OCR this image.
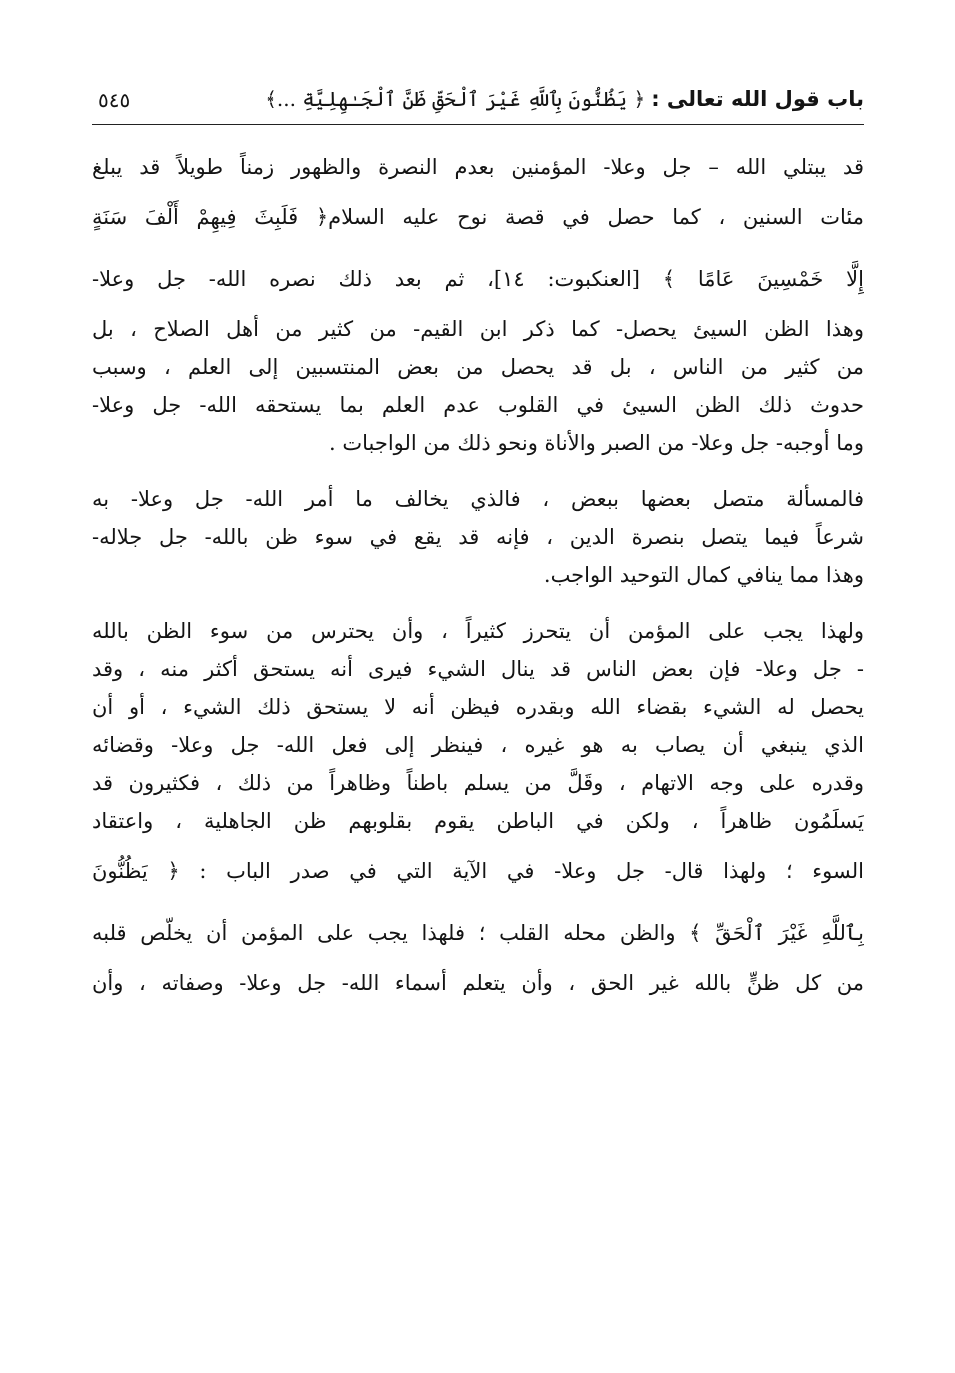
باب قول الله تعالى :﴿ يَظُنُّونَ بِٱللَّهِ غَيْرَ ٱلْحَقِّ ظَنَّ ٱلْجَـٰهِلِيَّةِ ...﴾
٥٤٥
قد يبتلي الله – جل وعلا- المؤمنين بعدم النصرة والظهور زمناً طويلاً قد يبلغ
مئات السنين ، كما حصل في قصة نوح عليه السلام﴿ فَلَبِثَ فِيهِمْ أَلْفَ سَنَةٍ
إِلَّا خَمْسِينَ عَامًا ﴾ [العنكبوت: ١٤]، ثم بعد ذلك نصره الله- جل وعلا-
وهذا الظن السيئ يحصل- كما ذكر ابن القيم- من كثير من أهل الصلاح ، بل
من كثير من الناس ، بل قد يحصل من بعض المنتسبين إلى العلم ، وسبب
حدوث ذلك الظن السيئ في القلوب عدم العلم بما يستحقه الله- جل وعلا-
وما أوجبه- جل وعلا- من الصبر والأناة ونحو ذلك من الواجبات .
فالمسألة متصل بعضها ببعض ، فالذي يخالف ما أمر الله- جل وعلا- به
شرعاً فيما يتصل بنصرة الدين ، فإنه قد يقع في سوء ظن بالله- جل جلاله-
وهذا مما ينافي كمال التوحيد الواجب.
ولهذا يجب على المؤمن أن يتحرز كثيراً ، وأن يحترس من سوء الظن بالله
- جل وعلا- فإن بعض الناس قد ينال الشيء فيرى أنه يستحق أكثر منه ، وقد
يحصل له الشيء بقضاء الله وبقدره فيظن أنه لا يستحق ذلك الشيء ، أو أن
الذي ينبغي أن يصاب به هو غيره ، فينظر إلى فعل الله- جل وعلا- وقضائه
وقدره على وجه الاتهام ، وقَلَّ من يسلم باطناً وظاهراً من ذلك ، فكثيرون قد
يَسلَمُون ظاهراً ، ولكن في الباطن يقوم بقلوبهم ظن الجاهلية ، واعتقاد
السوء ؛ ولهذا قال- جل وعلا- في الآية التي في صدر الباب : ﴿ يَظُنُّونَ
بِٱللَّهِ غَيْرَ ٱلْحَقِّ ﴾ والظن محله القلب ؛ فلهذا يجب على المؤمن أن يخلّص قلبه
من كل ظنٍّ بالله غير الحق ، وأن يتعلم أسماء الله- جل وعلا- وصفاته ، وأن
